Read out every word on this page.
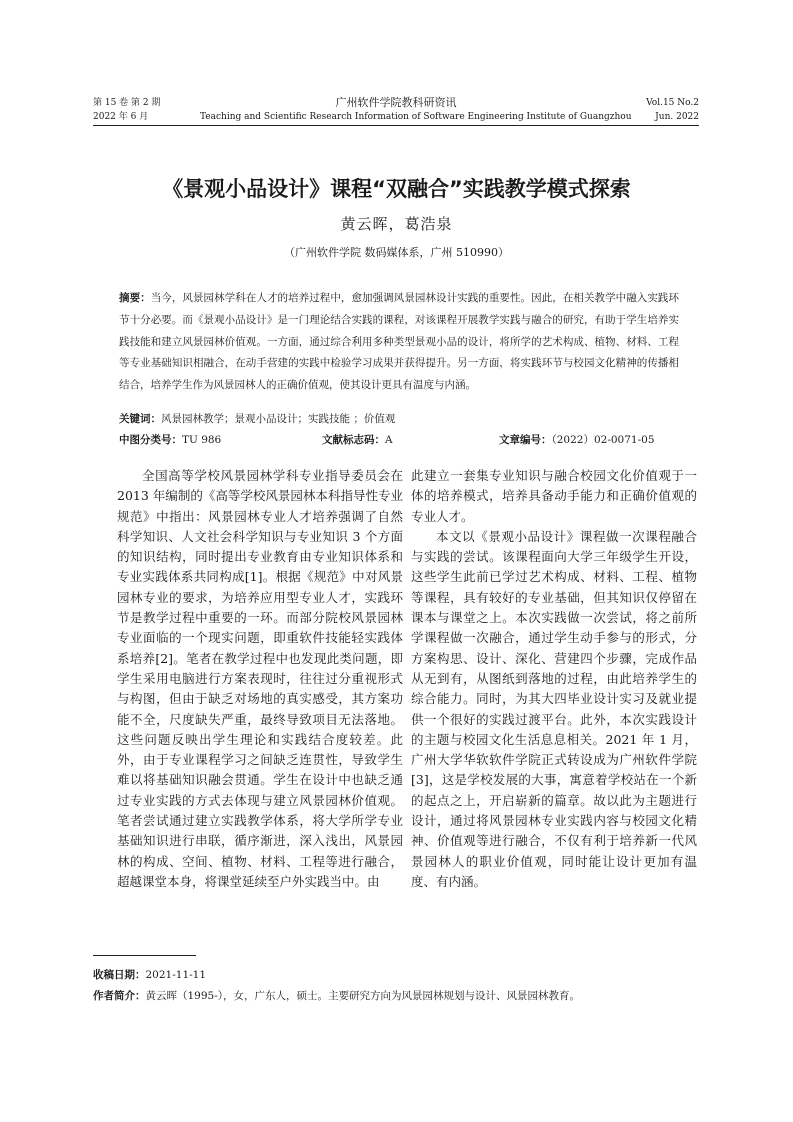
第 15 卷 第 2 期
2022 年 6 月
广州软件学院教科研资讯
Teaching and Scientific Research Information of Software Engineering Institute of Guangzhou
Vol.15 No.2
Jun. 2022
《景观小品设计》课程“双融合”实践教学模式探索
黄云晖，葛浩泉
（广州软件学院 数码媒体系，广州 510990）
摘要：当今，风景园林学科在人才的培养过程中，愈加强调风景园林设计实践的重要性。因此，在相关教学中融入实践环节十分必要。而《景观小品设计》是一门理论结合实践的课程，对该课程开展教学实践与融合的研究，有助于学生培养实践技能和建立风景园林价值观。一方面，通过综合利用多种类型景观小品的设计，将所学的艺术构成、植物、材料、工程等专业基础知识相融合，在动手营建的实践中检验学习成果并获得提升。另一方面，将实践环节与校园文化精神的传播相结合，培养学生作为风景园林人的正确价值观，使其设计更具有温度与内涵。
关键词：风景园林教学；景观小品设计；实践技能 ；价值观
中图分类号：TU 986	文献标志码：A	文章编号：（2022）02-0071-05

全国高等学校风景园林学科专业指导委员会在 2013 年编制的《高等学校风景园林本科指导性专业规范》中指出：风景园林专业人才培养强调了自然科学知识、人文社会科学知识与专业知识 3 个方面的知识结构，同时提出专业教育由专业知识体系和专业实践体系共同构成[1]。根据《规范》中对风景园林专业的要求，为培养应用型专业人才，实践环节是教学过程中重要的一环。而部分院校风景园林专业面临的一个现实问题，即重软件技能轻实践体系培养[2]。笔者在教学过程中也发现此类问题，即学生采用电脑进行方案表现时，往往过分重视形式与构图，但由于缺乏对场地的真实感受，其方案功能不全，尺度缺失严重，最终导致项目无法落地。这些问题反映出学生理论和实践结合度较差。此外，由于专业课程学习之间缺乏连贯性，导致学生难以将基础知识融会贯通。学生在设计中也缺乏通过专业实践的方式去体现与建立风景园林价值观。笔者尝试通过建立实践教学体系，将大学所学专业基础知识进行串联，循序渐进，深入浅出，风景园林的构成、空间、植物、材料、工程等进行融合，超越课堂本身，将课堂延续至户外实践当中。由

此建立一套集专业知识与融合校园文化价值观于一体的培养模式，培养具备动手能力和正确价值观的专业人才。

本文以《景观小品设计》课程做一次课程融合与实践的尝试。该课程面向大学三年级学生开设，这些学生此前已学过艺术构成、材料、工程、植物等课程，具有较好的专业基础，但其知识仅停留在课本与课堂之上。本次实践做一次尝试，将之前所学课程做一次融合，通过学生动手参与的形式，分方案构思、设计、深化、营建四个步骤，完成作品从无到有，从图纸到落地的过程，由此培养学生的综合能力。同时，为其大四毕业设计实习及就业提供一个很好的实践过渡平台。此外，本次实践设计的主题与校园文化生活息息相关。2021 年 1 月，广州大学华软软件学院正式转设成为广州软件学院[3]，这是学校发展的大事，寓意着学校站在一个新的起点之上，开启崭新的篇章。故以此为主题进行设计，通过将风景园林专业实践内容与校园文化精神、价值观等进行融合，不仅有利于培养新一代风景园林人的职业价值观，同时能让设计更加有温度、有内涵。

收稿日期：2021-11-11
作者简介：黄云晖（1995-），女，广东人，硕士。主要研究方向为风景园林规划与设计、风景园林教育。
